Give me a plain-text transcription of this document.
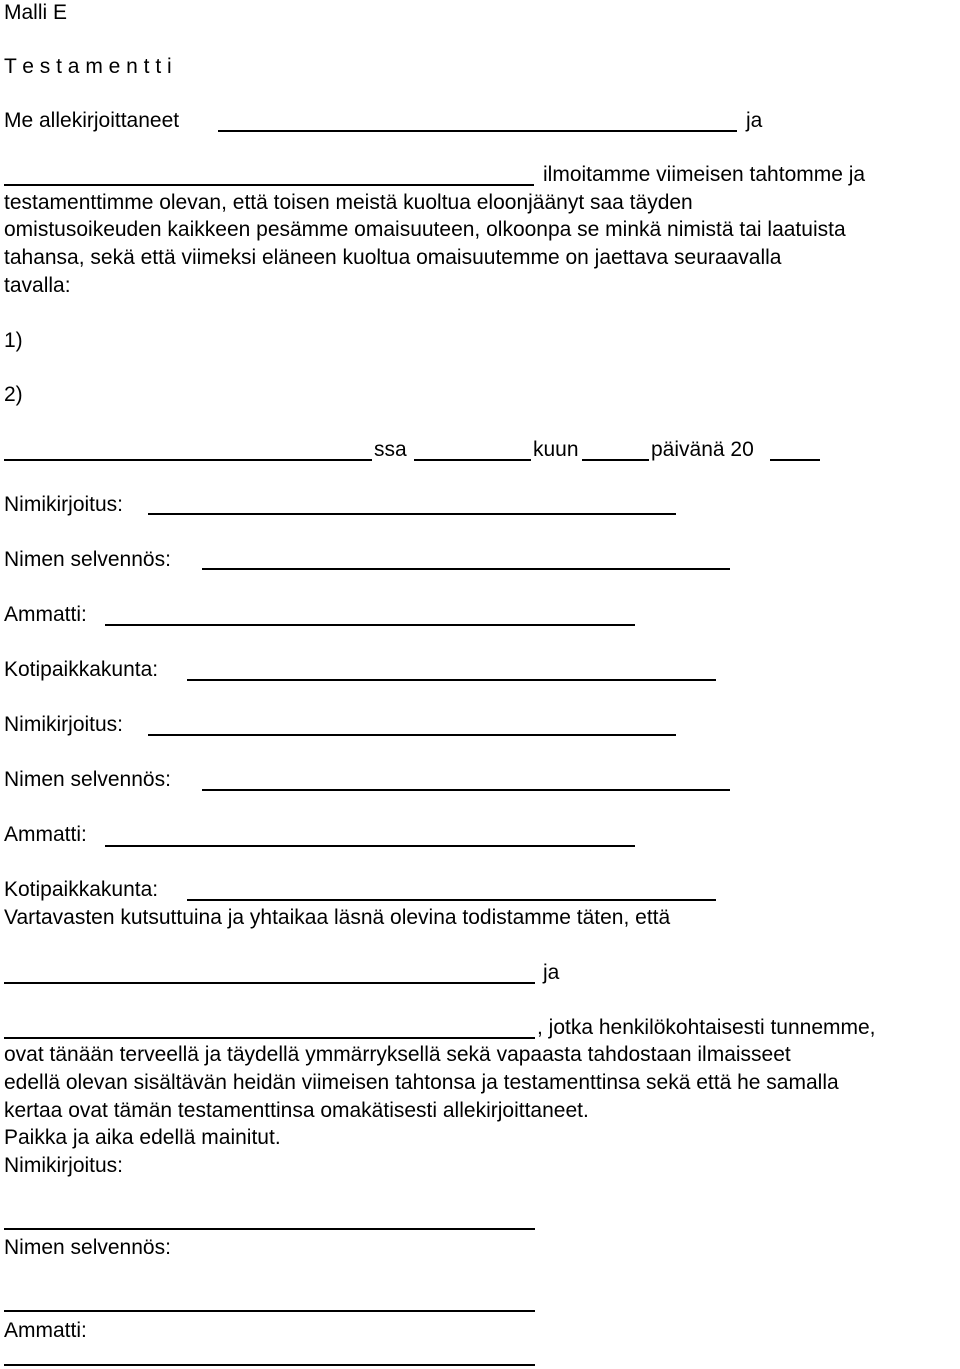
Malli E
T e s t a m e n t t i
Me allekirjoittaneet	ja
ilmoitamme viimeisen tahtomme ja
testamenttimme olevan, että toisen meistä kuoltua eloonjäänyt saa täyden
omistusoikeuden kaikkeen pesämme omaisuuteen, olkoonpa se minkä nimistä tai laatuista
tahansa, sekä että viimeksi eläneen kuoltua omaisuutemme on jaettava seuraavalla
tavalla:
1)
2)
ssa	kuun	päivänä 20
Nimikirjoitus:
Nimen selvennös:
Ammatti:
Kotipaikkakunta:
Nimikirjoitus:
Nimen selvennös:
Ammatti:
Kotipaikkakunta:
Vartavasten kutsuttuina ja yhtaikaa läsnä olevina todistamme täten, että
ja
, jotka henkilökohtaisesti tunnemme,
ovat tänään terveellä ja täydellä ymmärryksellä sekä vapaasta tahdostaan ilmaisseet
edellä olevan sisältävän heidän viimeisen tahtonsa ja testamenttinsa sekä että he samalla
kertaa ovat tämän testamenttinsa omakätisesti allekirjoittaneet.
Paikka ja aika edellä mainitut.
Nimikirjoitus:
Nimen selvennös:
Ammatti:
